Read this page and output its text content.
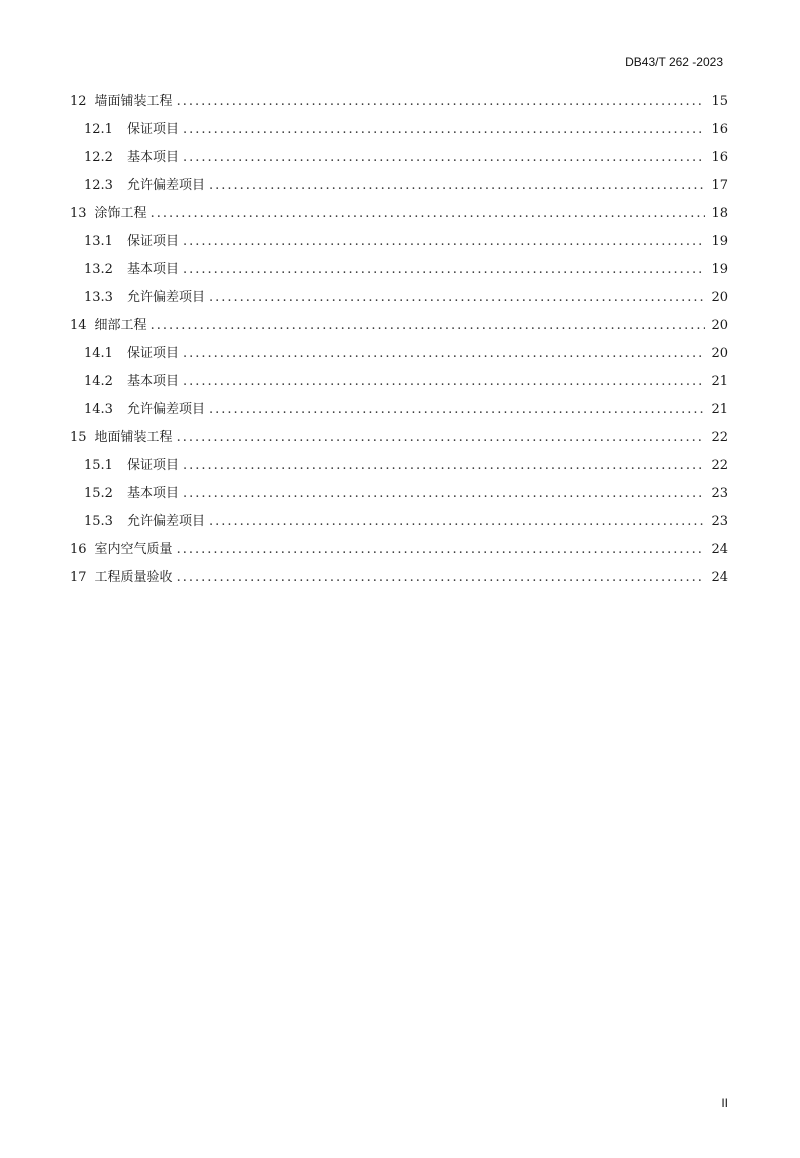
DB43/T 262 -2023
12 墙面铺装工程 .....	15
12.1 保证项目 .....	16
12.2 基本项目 .....	16
12.3 允许偏差项目 .....	17
13 涂饰工程 .....	18
13.1 保证项目 .....	19
13.2 基本项目 .....	19
13.3 允许偏差项目 .....	20
14 细部工程 .....	20
14.1 保证项目 .....	20
14.2 基本项目 .....	21
14.3 允许偏差项目 .....	21
15 地面铺装工程 .....	22
15.1 保证项目 .....	22
15.2 基本项目 .....	23
15.3 允许偏差项目 .....	23
16 室内空气质量 .....	24
17 工程质量验收 .....	24
II
